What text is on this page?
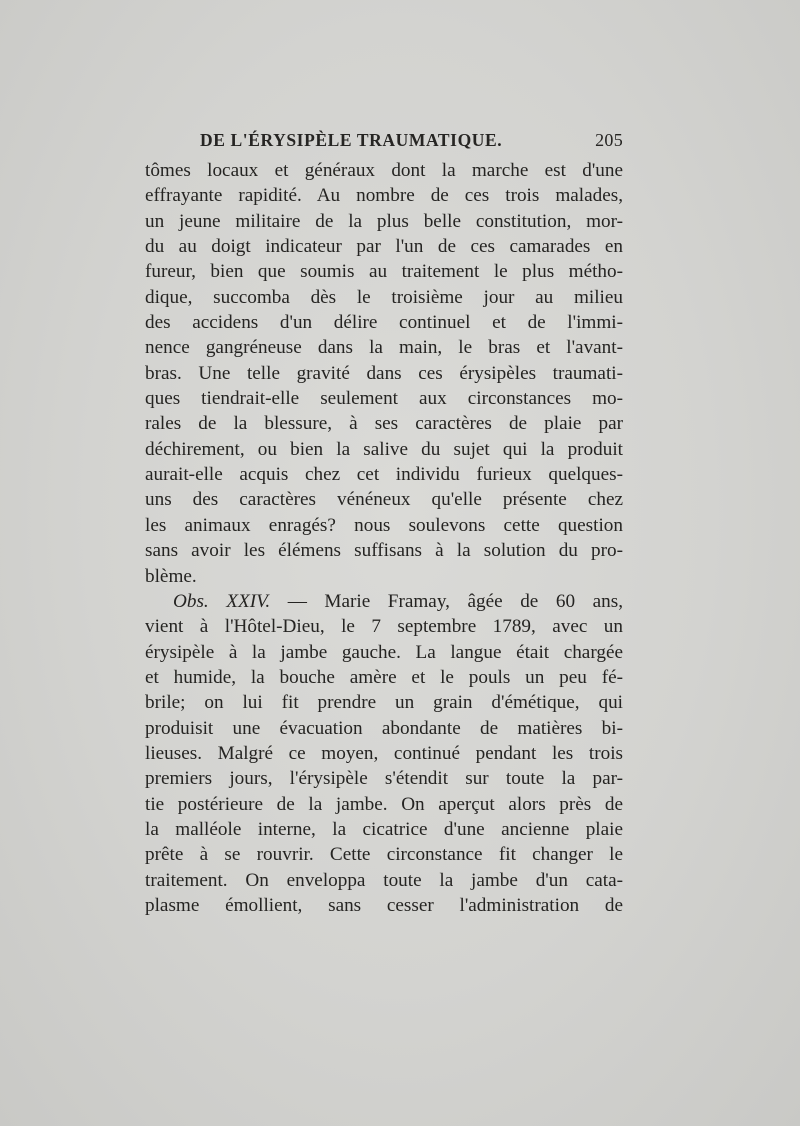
DE L'ÉRYSIPÈLE TRAUMATIQUE.	205
tômes locaux et généraux dont la marche est d'une
effrayante rapidité. Au nombre de ces trois malades,
un jeune militaire de la plus belle constitution, mor-
du au doigt indicateur par l'un de ces camarades en
fureur, bien que soumis au traitement le plus métho-
dique, succomba dès le troisième jour au milieu
des accidens d'un délire continuel et de l'immi-
nence gangréneuse dans la main, le bras et l'avant-
bras. Une telle gravité dans ces érysipèles traumati-
ques tiendrait-elle seulement aux circonstances mo-
rales de la blessure, à ses caractères de plaie par
déchirement, ou bien la salive du sujet qui la produit
aurait-elle acquis chez cet individu furieux quelques-
uns des caractères vénéneux qu'elle présente chez
les animaux enragés? nous soulevons cette question
sans avoir les élémens suffisans à la solution du pro-
blème.
Obs. XXIV. — Marie Framay, âgée de 60 ans,
vient à l'Hôtel-Dieu, le 7 septembre 1789, avec un
érysipèle à la jambe gauche. La langue était chargée
et humide, la bouche amère et le pouls un peu fé-
brile; on lui fit prendre un grain d'émétique, qui
produisit une évacuation abondante de matières bi-
lieuses. Malgré ce moyen, continué pendant les trois
premiers jours, l'érysipèle s'étendit sur toute la par-
tie postérieure de la jambe. On aperçut alors près de
la malléole interne, la cicatrice d'une ancienne plaie
prête à se rouvrir. Cette circonstance fit changer le
traitement. On enveloppa toute la jambe d'un cata-
plasme émollient, sans cesser l'administration de
